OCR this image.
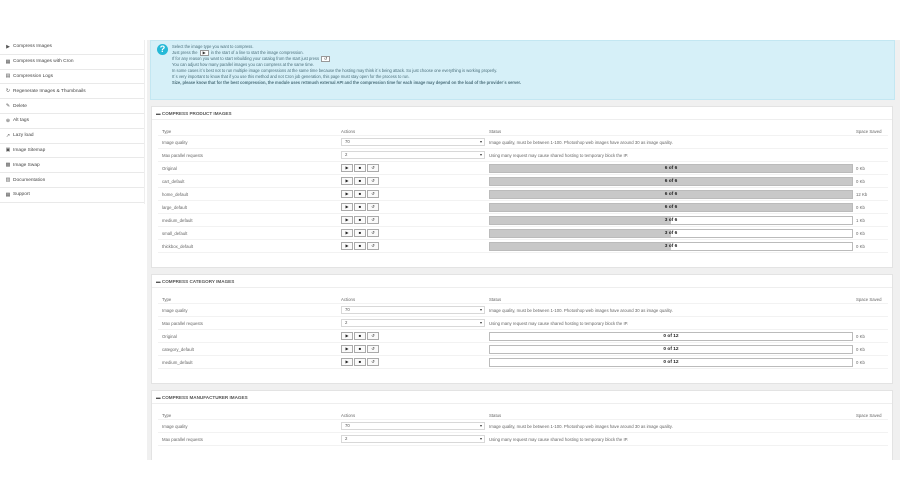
▶ Compress Images
▦ Compress Images with Cron
▤ Compression Logs
↻ Regenerate Images & Thumbnails
✎ Delete
⊕ Alt tags
↗ Lazy load
▣ Image Sitemap
▩ Image Swap
▥ Documentation
▦ Support
?	Select the image type you want to compress.
Just press the ▶ in the start of a line to start the image compression.
If for any reason you want to start rebuilding your catalog from the start just press ↺
You can adjust how many parallel images you can compress at the same time.
In some cases it´s best not to run multiple image compressions at the same time because the hosting may think it´s being attack. So just choose one everything is working properly.
It´s very important to know that if you use this method and not Cron job generation, this page must stay open for the process to run.
Size, please know that for the best compression, the module uses reSmush external API and the compression time for each image may depend on the load of the provider´s server.
▬ COMPRESS PRODUCT IMAGES
Type	Actions	Status	Space Saved
Image quality	70	▾ Image quality, must be between 1-100. Photoshop web images have around 30 as image quality.
Max parallel requests	2	▾ Using many request may cause shared hosting to temporary block the IP.
Original	▶	■	↺	6 of 6	0 Kb
cart_default	▶	■	↺	6 of 6	0 Kb
home_default	▶	■	↺	6 of 6	12 Kb
large_default	▶	■	↺	6 of 6	0 Kb
medium_default	▶	■	↺	3 of 6	1 Kb
small_default	▶	■	↺	3 of 6	0 Kb
thickbox_default	▶	■	↺	3 of 6	0 Kb
▬ COMPRESS CATEGORY IMAGES
Type	Actions	Status	Space Saved
Image quality	70	▾ Image quality, must be between 1-100. Photoshop web images have around 30 as image quality.
Max parallel requests	2	▾ Using many request may cause shared hosting to temporary block the IP.
Original	▶	■	↺	0 of 12	0 Kb
category_default	▶	■	↺	0 of 12	0 Kb
medium_default	▶	■	↺	0 of 12	0 Kb
▬ COMPRESS MANUFACTURER IMAGES
Type	Actions	Status	Space Saved
Image quality	70	▾ Image quality, must be between 1-100. Photoshop web images have around 30 as image quality.
Max parallel requests	2	▾ Using many request may cause shared hosting to temporary block the IP.
